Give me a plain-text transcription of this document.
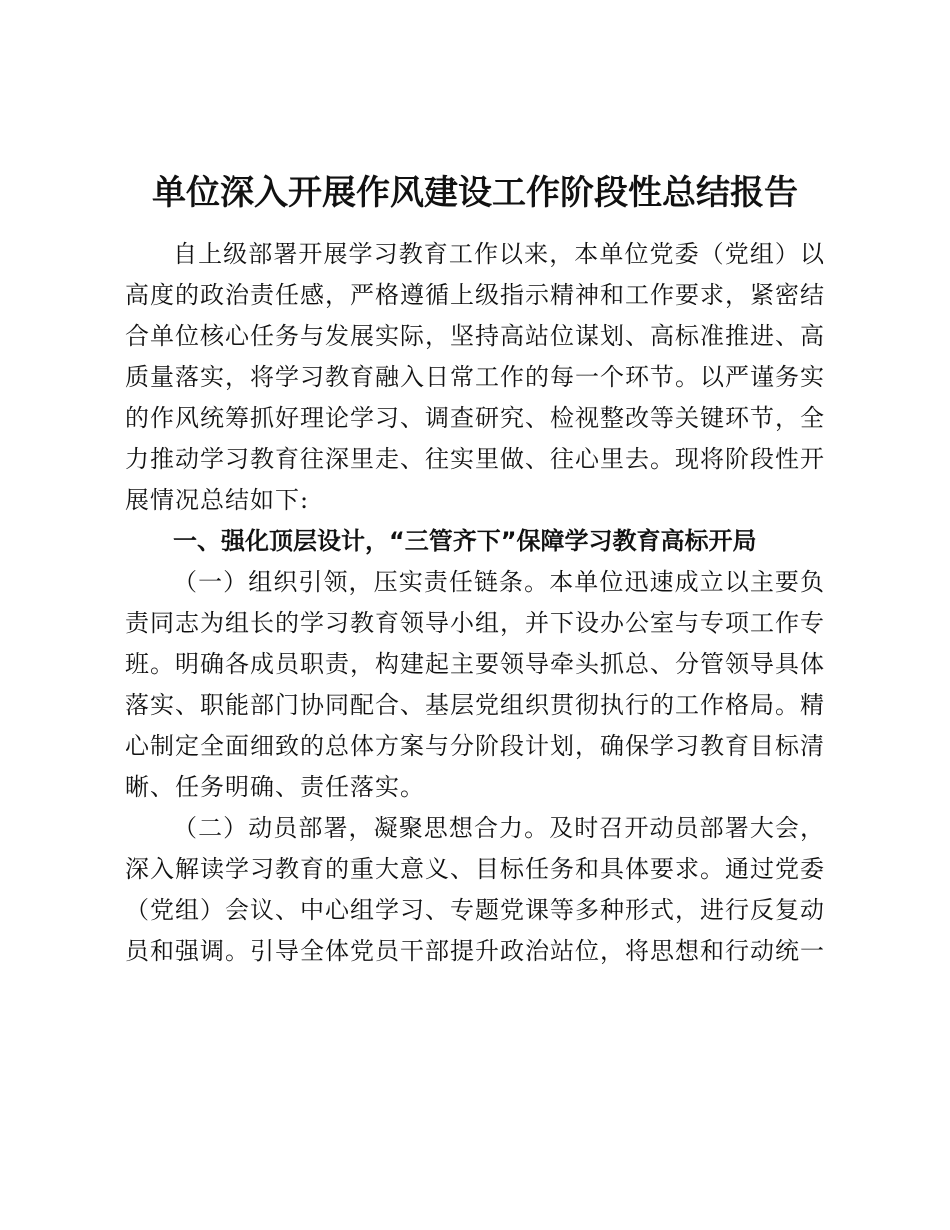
单位深入开展作风建设工作阶段性总结报告

自上级部署开展学习教育工作以来，本单位党委（党组）以高度的政治责任感，严格遵循上级指示精神和工作要求，紧密结合单位核心任务与发展实际，坚持高站位谋划、高标准推进、高质量落实，将学习教育融入日常工作的每一个环节。以严谨务实的作风统筹抓好理论学习、调查研究、检视整改等关键环节，全力推动学习教育往深里走、往实里做、往心里去。现将阶段性开展情况总结如下:

一、强化顶层设计，“三管齐下”保障学习教育高标开局

（一）组织引领，压实责任链条。本单位迅速成立以主要负责同志为组长的学习教育领导小组，并下设办公室与专项工作专班。明确各成员职责，构建起主要领导牵头抓总、分管领导具体落实、职能部门协同配合、基层党组织贯彻执行的工作格局。精心制定全面细致的总体方案与分阶段计划，确保学习教育目标清晰、任务明确、责任落实。

（二）动员部署，凝聚思想合力。及时召开动员部署大会，深入解读学习教育的重大意义、目标任务和具体要求。通过党委（党组）会议、中心组学习、专题党课等多种形式，进行反复动员和强调。引导全体党员干部提升政治站位，将思想和行动统一
